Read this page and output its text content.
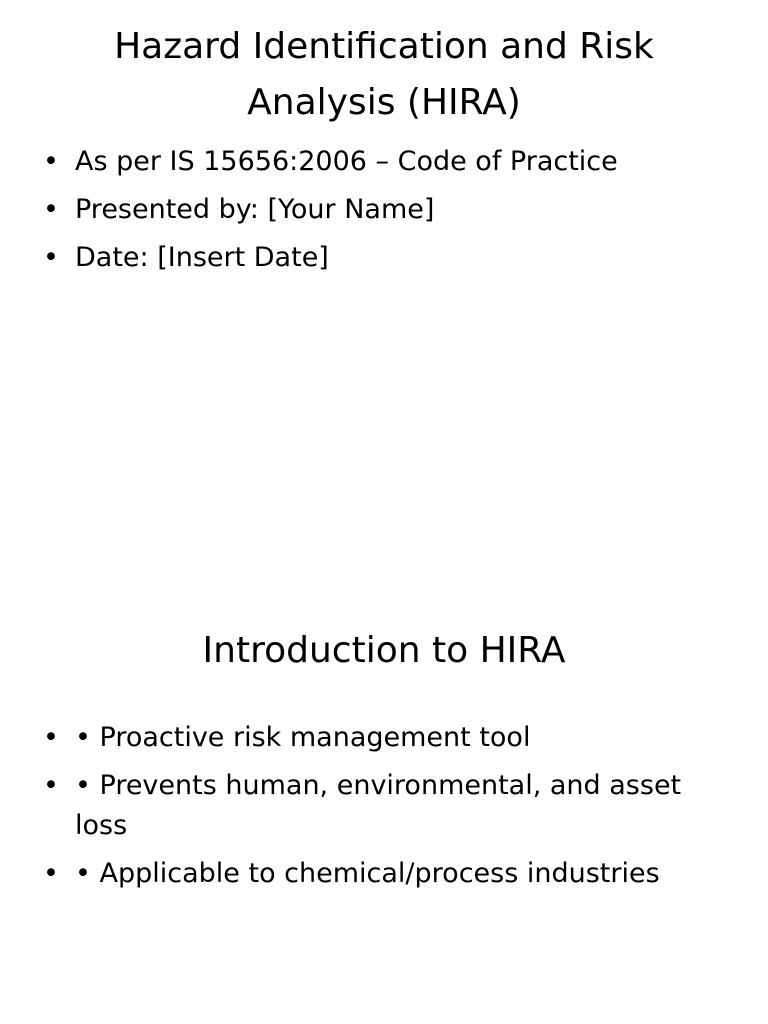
Hazard Identification and Risk Analysis (HIRA)
• As per IS 15656:2006 – Code of Practice
• Presented by: [Your Name]
• Date: [Insert Date]
Introduction to HIRA
• • Proactive risk management tool
• • Prevents human, environmental, and asset loss
• • Applicable to chemical/process industries
